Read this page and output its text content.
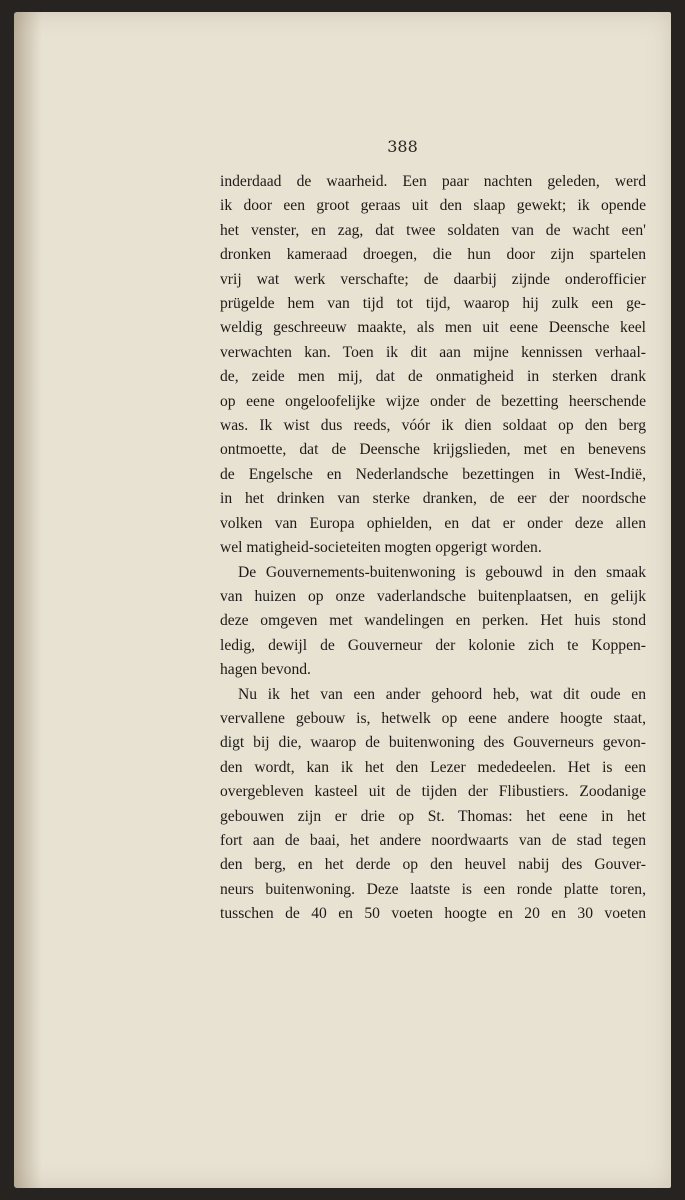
388
inderdaad de waarheid. Een paar nachten geleden, werd
ik door een groot geraas uit den slaap gewekt; ik opende
het venster, en zag, dat twee soldaten van de wacht een'
dronken kameraad droegen, die hun door zijn spartelen
vrij wat werk verschafte; de daarbij zijnde onderofficier
prügelde hem van tijd tot tijd, waarop hij zulk een ge-
weldig geschreeuw maakte, als men uit eene Deensche keel
verwachten kan. Toen ik dit aan mijne kennissen verhaal-
de, zeide men mij, dat de onmatigheid in sterken drank
op eene ongeloofelijke wijze onder de bezetting heerschende
was. Ik wist dus reeds, vóór ik dien soldaat op den berg
ontmoette, dat de Deensche krijgslieden, met en benevens
de Engelsche en Nederlandsche bezettingen in West-Indië,
in het drinken van sterke dranken, de eer der noordsche
volken van Europa ophielden, en dat er onder deze allen
wel matigheid-societeiten mogten opgerigt worden.
De Gouvernements-buitenwoning is gebouwd in den smaak
van huizen op onze vaderlandsche buitenplaatsen, en gelijk
deze omgeven met wandelingen en perken. Het huis stond
ledig, dewijl de Gouverneur der kolonie zich te Koppen-
hagen bevond.
Nu ik het van een ander gehoord heb, wat dit oude en
vervallene gebouw is, hetwelk op eene andere hoogte staat,
digt bij die, waarop de buitenwoning des Gouverneurs gevon-
den wordt, kan ik het den Lezer mededeelen. Het is een
overgebleven kasteel uit de tijden der Flibustiers. Zoodanige
gebouwen zijn er drie op St. Thomas: het eene in het
fort aan de baai, het andere noordwaarts van de stad tegen
den berg, en het derde op den heuvel nabij des Gouver-
neurs buitenwoning. Deze laatste is een ronde platte toren,
tusschen de 40 en 50 voeten hoogte en 20 en 30 voeten
